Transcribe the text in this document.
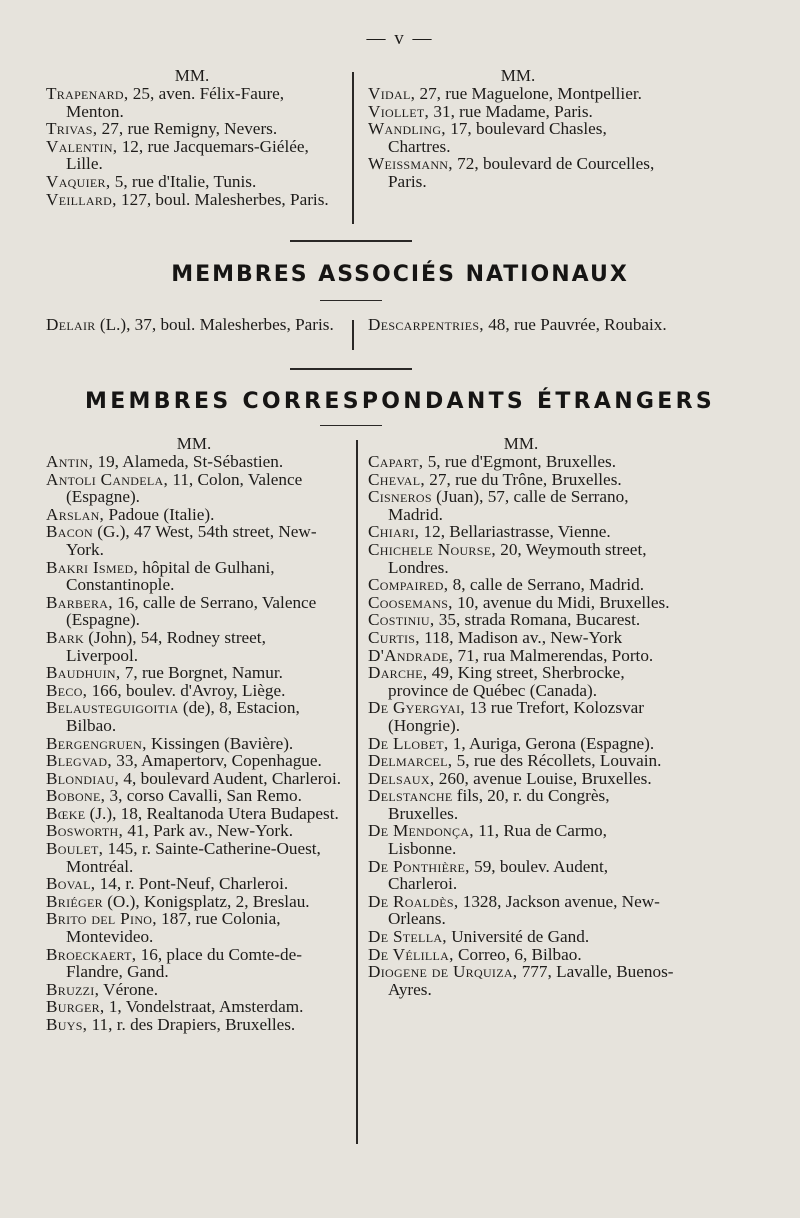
— v —
MM.
Trapenard, 25, aven. Félix-Faure, Menton.
Trivas, 27, rue Remigny, Nevers.
Valentin, 12, rue Jacquemars-Giélée, Lille.
Vaquier, 5, rue d'Italie, Tunis.
Veillard, 127, boul. Malesherbes, Paris.
MM.
Vidal, 27, rue Maguelone, Montpellier.
Viollet, 31, rue Madame, Paris.
Wandling, 17, boulevard Chasles, Chartres.
Weissmann, 72, boulevard de Courcelles, Paris.
MEMBRES ASSOCIÉS NATIONAUX
Delair (L.), 37, boul. Malesherbes, Paris. Descarpentries, 48, rue Pauvrée, Roubaix.
MEMBRES CORRESPONDANTS ÉTRANGERS
MM.
Antin, 19, Alameda, St-Sébastien.
Antoli Candela, 11, Colon, Valence (Espagne).
Arslan, Padoue (Italie).
Bacon (G.), 47 West, 54th street, New-York.
Bakri Ismed, hôpital de Gulhani, Constantinople.
Barbera, 16, calle de Serrano, Valence (Espagne).
Bark (John), 54, Rodney street, Liverpool.
Baudhuin, 7, rue Borgnet, Namur.
Beco, 166, boulev. d'Avroy, Liège.
Belausteguigoitia (de), 8, Estacion, Bilbao.
Bergengruen, Kissingen (Bavière).
Blegvad, 33, Amapertorv, Copenhague.
Blondiau, 4, boulevard Audent, Charleroi.
Bobone, 3, corso Cavalli, San Remo.
Bœke (J.), 18, Realtanoda Utera Budapest.
Bosworth, 41, Park av., New-York.
Boulet, 145, r. Sainte-Catherine-Ouest, Montréal.
Boval, 14, r. Pont-Neuf, Charleroi.
Briéger (O.), Konigsplatz, 2, Breslau.
Brito del Pino, 187, rue Colonia, Montevideo.
Broeckaert, 16, place du Comte-de-Flandre, Gand.
Bruzzi, Vérone.
Burger, 1, Vondelstraat, Amsterdam.
Buys, 11, r. des Drapiers, Bruxelles.
MM.
Capart, 5, rue d'Egmont, Bruxelles.
Cheval, 27, rue du Trône, Bruxelles.
Cisneros (Juan), 57, calle de Serrano, Madrid.
Chiari, 12, Bellariastrasse, Vienne.
Chichele Nourse, 20, Weymouth street, Londres.
Compaired, 8, calle de Serrano, Madrid.
Coosemans, 10, avenue du Midi, Bruxelles.
Costiniu, 35, strada Romana, Bucarest.
Curtis, 118, Madison av., New-York
D'Andrade, 71, rua Malmerendas, Porto.
Darche, 49, King street, Sherbrocke, province de Québec (Canada).
De Gyergyai, 13 rue Trefort, Kolozsvar (Hongrie).
De Llobet, 1, Auriga, Gerona (Espagne).
Delmarcel, 5, rue des Récollets, Louvain.
Delsaux, 260, avenue Louise, Bruxelles.
Delstanche fils, 20, r. du Congrès, Bruxelles.
De Mendonça, 11, Rua de Carmo, Lisbonne.
De Ponthière, 59, boulev. Audent, Charleroi.
De Roaldès, 1328, Jackson avenue, New-Orleans.
De Stella, Université de Gand.
De Vélilla, Correo, 6, Bilbao.
Diogene de Urquiza, 777, Lavalle, Buenos-Ayres.
